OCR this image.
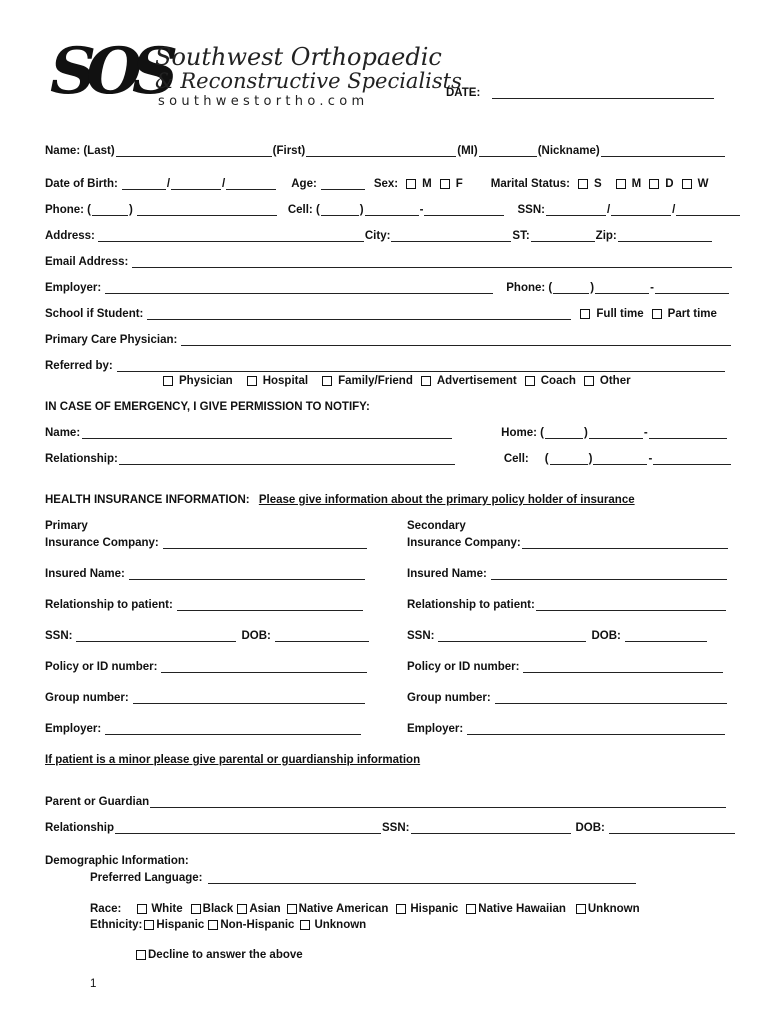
SOS
Southwest Orthopaedic
& Reconstructive Specialists
southwestortho.com
DATE:
Name: (Last)	(First)	(MI)	(Nickname)
Date of Birth:	/	/	Age:	Sex: M F Marital Status: S	M D W
Phone: (	)	Cell: (	)	-	SSN:	/	/
Address:	City:	ST:	Zip:
Email Address:
Employer:	Phone: (	)	-
School if Student:	Full time Part time
Primary Care Physician:
Referred by:
Physician	Hospital	Family/Friend Advertisement Coach Other
IN CASE OF EMERGENCY, I GIVE PERMISSION TO NOTIFY:
Name:	Home: (	)	-
Relationship:	Cell: (	)	-
HEALTH INSURANCE INFORMATION: Please give information about the primary policy holder of insurance
Primary
Insurance Company:
Insured Name:
Relationship to patient:
SSN:	DOB:
Policy or ID number:
Group number:
Employer:
Secondary
Insurance Company:
Insured Name:
Relationship to patient:
SSN:	DOB:
Policy or ID number:
Group number:
Employer:
If patient is a minor please give parental or guardianship information
Parent or Guardian
Relationship	SSN:	DOB:
Demographic Information:
Preferred Language:
Race:	White Black Asian Native American Hispanic Native Hawaiian Unknown
Ethnicity: Hispanic Non-Hispanic Unknown
Decline to answer the above
1
